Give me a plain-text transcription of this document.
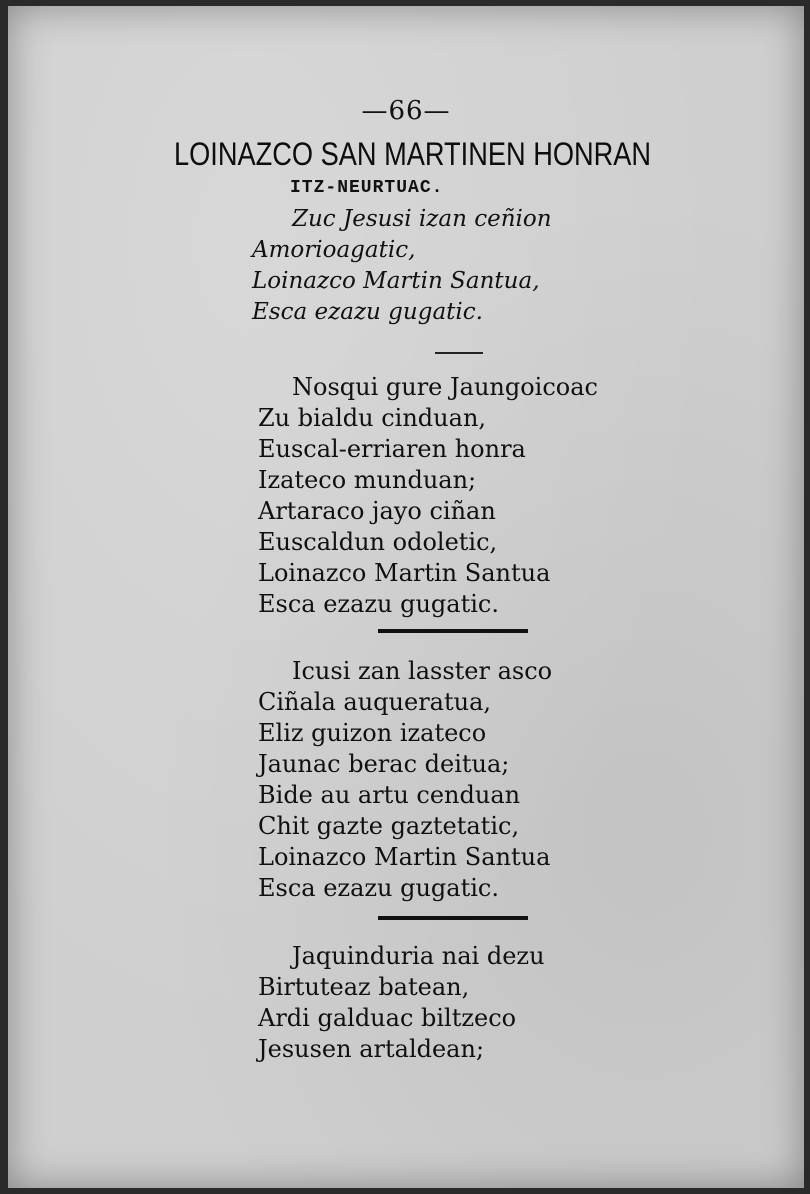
—66—
LOINAZCO SAN MARTINEN HONRAN
ITZ-NEURTUAC.
Zuc Jesusi izan ceñion
Amorioagatic,
Loinazco Martin Santua,
Esca ezazu gugatic.
Nosqui gure Jaungoicoac
Zu bialdu cinduan,
Euscal-erriaren honra
Izateco munduan;
Artaraco jayo ciñan
Euscaldun odoletic,
Loinazco Martin Santua
Esca ezazu gugatic.
Icusi zan lasster asco
Ciñala auqueratua,
Eliz guizon izateco
Jaunac berac deitua;
Bide au artu cenduan
Chit gazte gaztetatic,
Loinazco Martin Santua
Esca ezazu gugatic.
Jaquinduria nai dezu
Birtuteaz batean,
Ardi galduac biltzeco
Jesusen artaldean;
